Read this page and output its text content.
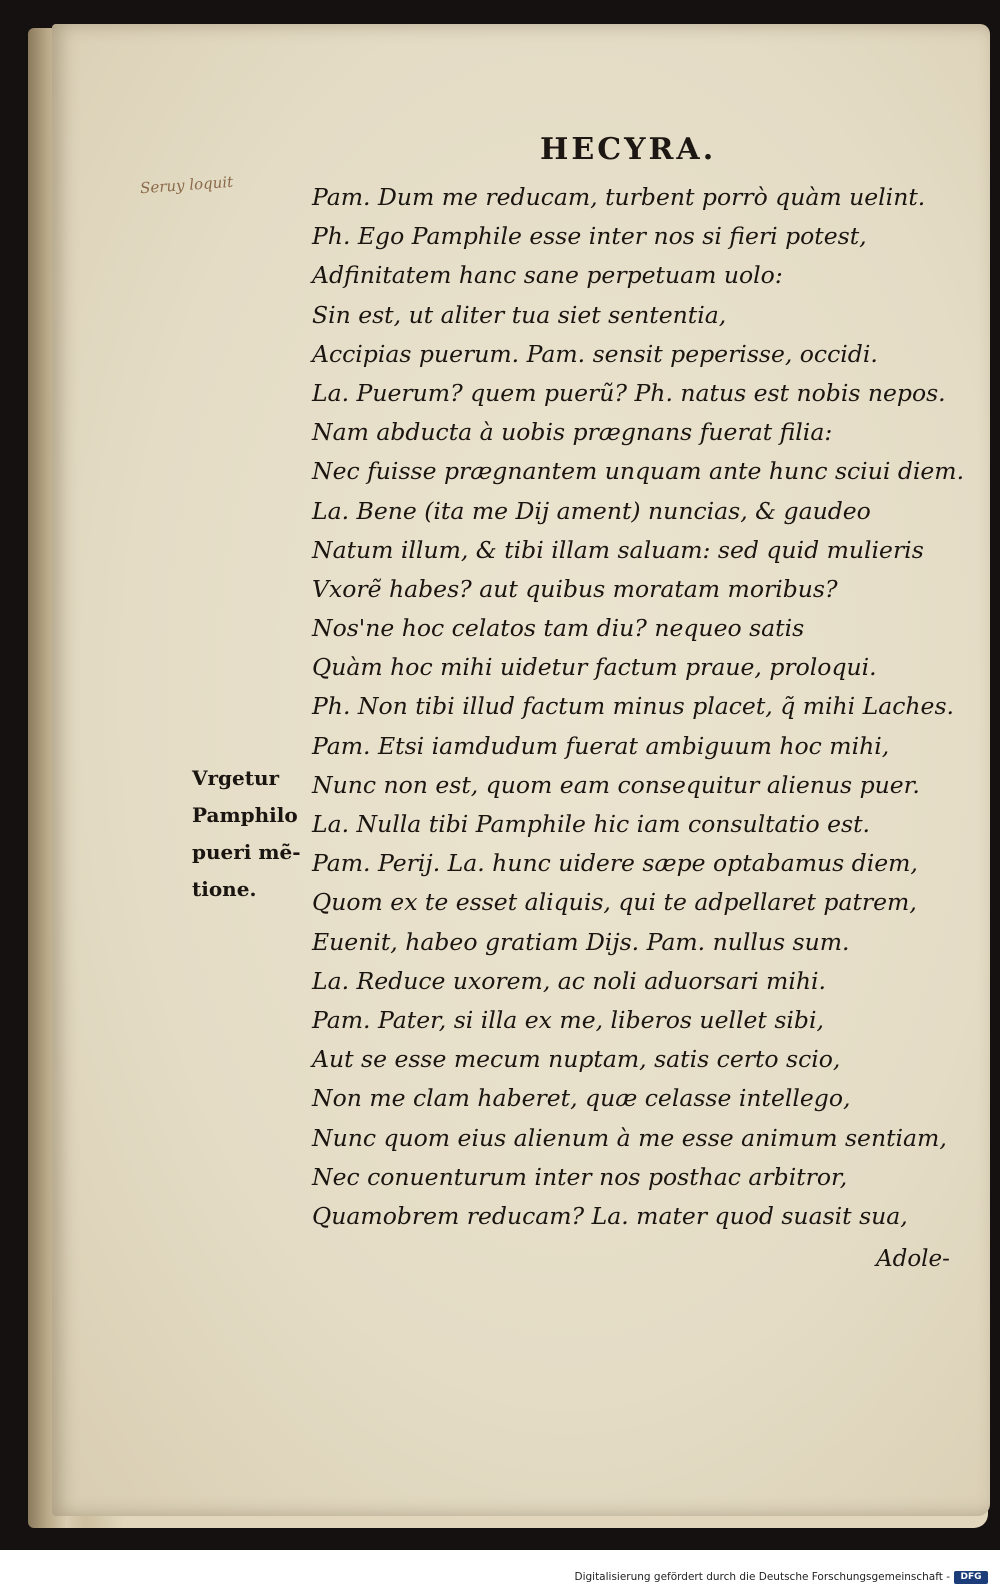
HECYRA.
Seruy loquit	Pam. Dum me reducam, turbent porrò quàm uelint.
Ph. Ego Pamphile esse inter nos si fieri potest,
Adfinitatem hanc sane perpetuam uolo:
Sin est, ut aliter tua siet sententia,
Accipias puerum. Pam. sensit peperisse, occidi.
La. Puerum? quem puerũ? Ph. natus est nobis nepos.
Nam abducta à uobis prægnans fuerat filia:
Nec fuisse prægnantem unquam ante hunc sciui diem.
La. Bene (ita me Dij ament) nuncias, & gaudeo
Natum illum, & tibi illam saluam: sed quid mulieris
Vxorẽ habes? aut quibus moratam moribus?
Nos'ne hoc celatos tam diu? nequeo satis
Quàm hoc mihi uidetur factum praue, proloqui.
Ph. Non tibi illud factum minus placet, q̃ mihi Laches.
Pam. Etsi iamdudum fuerat ambiguum hoc mihi,
Nunc non est, quom eam consequitur alienus puer.
La. Nulla tibi Pamphile hic iam consultatio est.
Pam. Perij. La. hunc uidere sæpe optabamus diem,
Quom ex te esset aliquis, qui te adpellaret patrem,
Euenit, habeo gratiam Dijs. Pam. nullus sum.
La. Reduce uxorem, ac noli aduorsari mihi.
Pam. Pater, si illa ex me, liberos uellet sibi,
Aut se esse mecum nuptam, satis certo scio,
Non me clam haberet, quæ celasse intellego,
Nunc quom eius alienum à me esse animum sentiam,
Nec conuenturum inter nos posthac arbitror,
Quamobrem reducam? La. mater quod suasit sua,
Adole-
Vrgetur
Pamphilo
pueri mẽ-
tione.
Digitalisierung gefördert durch die Deutsche Forschungsgemeinschaft -	DFG
